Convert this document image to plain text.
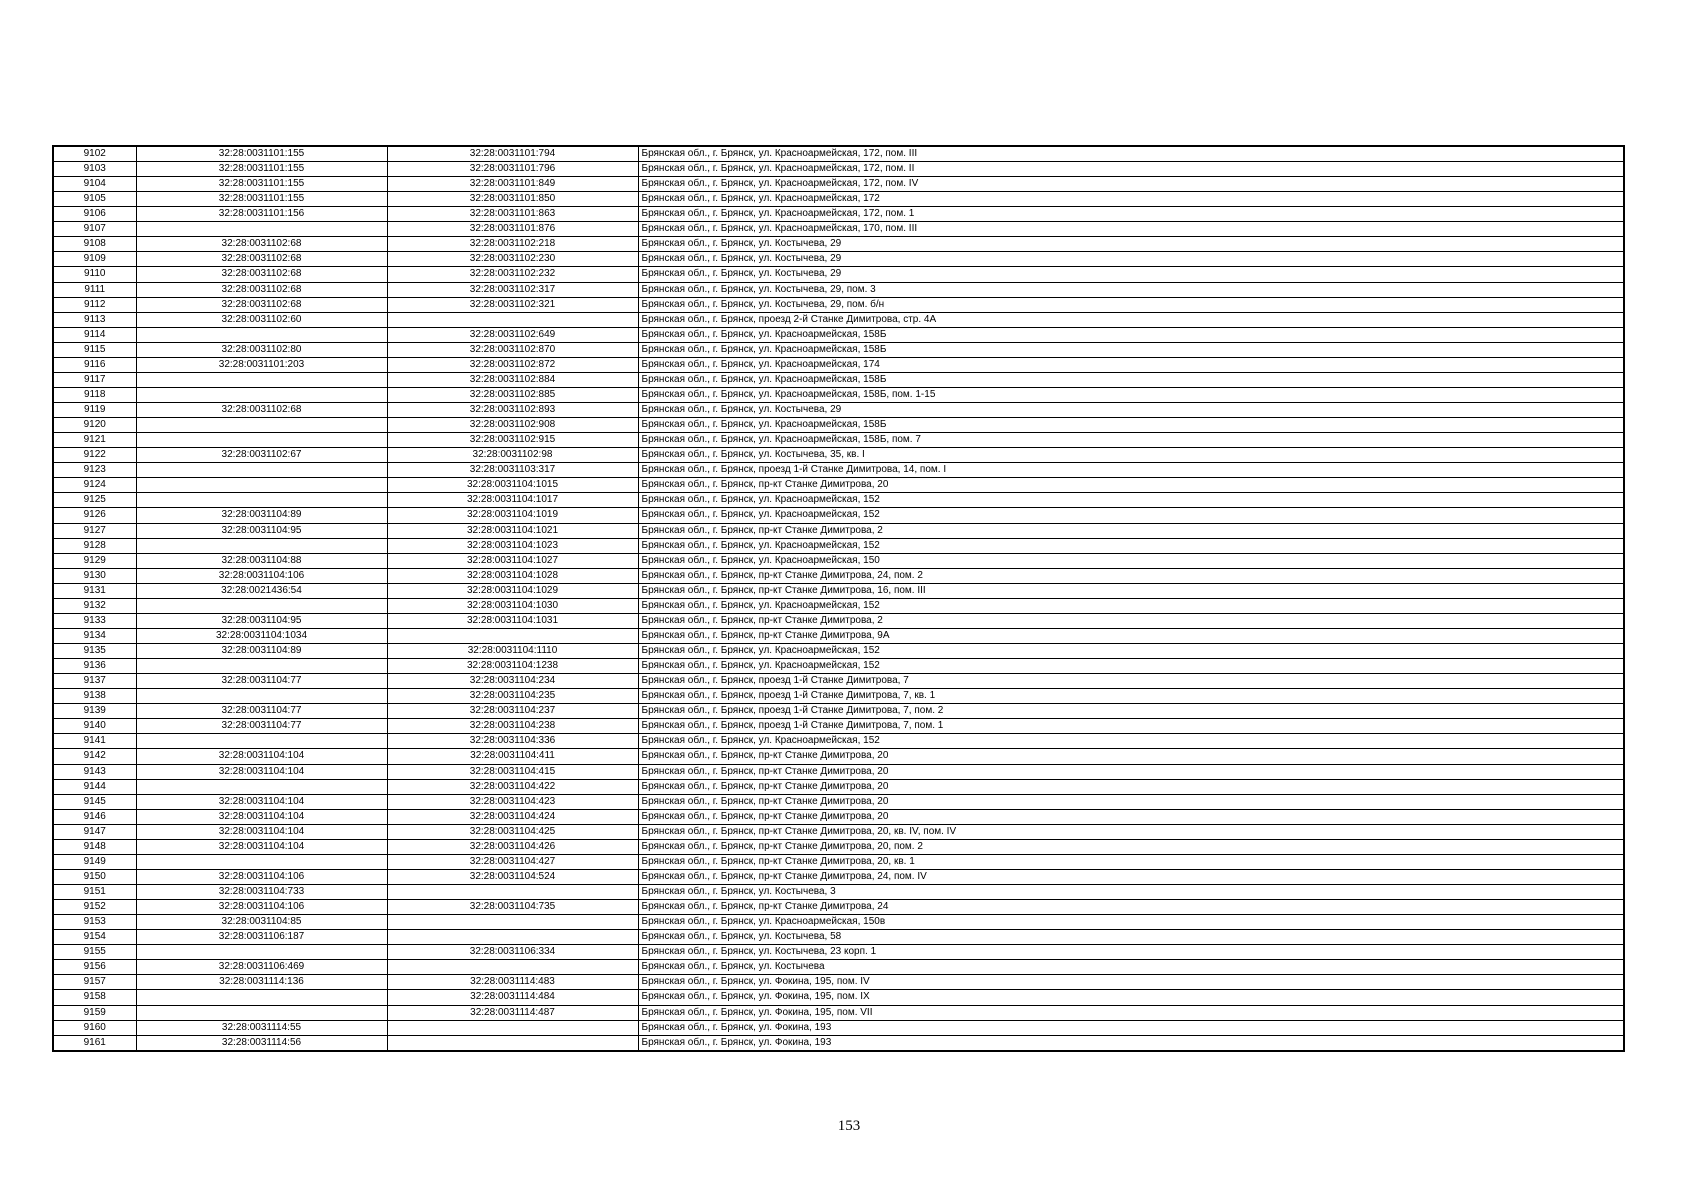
9102	32:28:0031101:155	32:28:0031101:794	Брянская обл., г. Брянск, ул. Красноармейская, 172, пом. III
9103	32:28:0031101:155	32:28:0031101:796	Брянская обл., г. Брянск, ул. Красноармейская, 172, пом. II
9104	32:28:0031101:155	32:28:0031101:849	Брянская обл., г. Брянск, ул. Красноармейская, 172, пом. IV
9105	32:28:0031101:155	32:28:0031101:850	Брянская обл., г. Брянск, ул. Красноармейская, 172
9106	32:28:0031101:156	32:28:0031101:863	Брянская обл., г. Брянск, ул. Красноармейская, 172, пом. 1
9107		32:28:0031101:876	Брянская обл., г. Брянск, ул. Красноармейская, 170, пом. III
9108	32:28:0031102:68	32:28:0031102:218	Брянская обл., г. Брянск, ул. Костычева, 29
9109	32:28:0031102:68	32:28:0031102:230	Брянская обл., г. Брянск, ул. Костычева, 29
9110	32:28:0031102:68	32:28:0031102:232	Брянская обл., г. Брянск, ул. Костычева, 29
9111	32:28:0031102:68	32:28:0031102:317	Брянская обл., г. Брянск, ул. Костычева, 29, пом. 3
9112	32:28:0031102:68	32:28:0031102:321	Брянская обл., г. Брянск, ул. Костычева, 29, пом. б/н
9113	32:28:0031102:60		Брянская обл., г. Брянск, проезд 2-й Станке Димитрова, стр. 4А
9114		32:28:0031102:649	Брянская обл., г. Брянск, ул. Красноармейская, 158Б
9115	32:28:0031102:80	32:28:0031102:870	Брянская обл., г. Брянск, ул. Красноармейская, 158Б
9116	32:28:0031101:203	32:28:0031102:872	Брянская обл., г. Брянск, ул. Красноармейская, 174
9117		32:28:0031102:884	Брянская обл., г. Брянск, ул. Красноармейская, 158Б
9118		32:28:0031102:885	Брянская обл., г. Брянск, ул. Красноармейская, 158Б, пом. 1-15
9119	32:28:0031102:68	32:28:0031102:893	Брянская обл., г. Брянск, ул. Костычева, 29
9120		32:28:0031102:908	Брянская обл., г. Брянск, ул. Красноармейская, 158Б
9121		32:28:0031102:915	Брянская обл., г. Брянск, ул. Красноармейская, 158Б, пом. 7
9122	32:28:0031102:67	32:28:0031102:98	Брянская обл., г. Брянск, ул. Костычева, 35, кв. I
9123		32:28:0031103:317	Брянская обл., г. Брянск, проезд 1-й Станке Димитрова, 14, пом. I
9124		32:28:0031104:1015	Брянская обл., г. Брянск, пр-кт Станке Димитрова, 20
9125		32:28:0031104:1017	Брянская обл., г. Брянск, ул. Красноармейская, 152
9126	32:28:0031104:89	32:28:0031104:1019	Брянская обл., г. Брянск, ул. Красноармейская, 152
9127	32:28:0031104:95	32:28:0031104:1021	Брянская обл., г. Брянск, пр-кт Станке Димитрова, 2
9128		32:28:0031104:1023	Брянская обл., г. Брянск, ул. Красноармейская, 152
9129	32:28:0031104:88	32:28:0031104:1027	Брянская обл., г. Брянск, ул. Красноармейская, 150
9130	32:28:0031104:106	32:28:0031104:1028	Брянская обл., г. Брянск, пр-кт Станке Димитрова, 24, пом. 2
9131	32:28:0021436:54	32:28:0031104:1029	Брянская обл., г. Брянск, пр-кт Станке Димитрова, 16, пом. III
9132		32:28:0031104:1030	Брянская обл., г. Брянск, ул. Красноармейская, 152
9133	32:28:0031104:95	32:28:0031104:1031	Брянская обл., г. Брянск, пр-кт Станке Димитрова, 2
9134	32:28:0031104:1034		Брянская обл., г. Брянск, пр-кт Станке Димитрова, 9А
9135	32:28:0031104:89	32:28:0031104:1110	Брянская обл., г. Брянск, ул. Красноармейская, 152
9136		32:28:0031104:1238	Брянская обл., г. Брянск, ул. Красноармейская, 152
9137	32:28:0031104:77	32:28:0031104:234	Брянская обл., г. Брянск, проезд 1-й Станке Димитрова, 7
9138		32:28:0031104:235	Брянская обл., г. Брянск, проезд 1-й Станке Димитрова, 7, кв. 1
9139	32:28:0031104:77	32:28:0031104:237	Брянская обл., г. Брянск, проезд 1-й Станке Димитрова, 7, пом. 2
9140	32:28:0031104:77	32:28:0031104:238	Брянская обл., г. Брянск, проезд 1-й Станке Димитрова, 7, пом. 1
9141		32:28:0031104:336	Брянская обл., г. Брянск, ул. Красноармейская, 152
9142	32:28:0031104:104	32:28:0031104:411	Брянская обл., г. Брянск, пр-кт Станке Димитрова, 20
9143	32:28:0031104:104	32:28:0031104:415	Брянская обл., г. Брянск, пр-кт Станке Димитрова, 20
9144		32:28:0031104:422	Брянская обл., г. Брянск, пр-кт Станке Димитрова, 20
9145	32:28:0031104:104	32:28:0031104:423	Брянская обл., г. Брянск, пр-кт Станке Димитрова, 20
9146	32:28:0031104:104	32:28:0031104:424	Брянская обл., г. Брянск, пр-кт Станке Димитрова, 20
9147	32:28:0031104:104	32:28:0031104:425	Брянская обл., г. Брянск, пр-кт Станке Димитрова, 20, кв. IV, пом. IV
9148	32:28:0031104:104	32:28:0031104:426	Брянская обл., г. Брянск, пр-кт Станке Димитрова, 20, пом. 2
9149		32:28:0031104:427	Брянская обл., г. Брянск, пр-кт Станке Димитрова, 20, кв. 1
9150	32:28:0031104:106	32:28:0031104:524	Брянская обл., г. Брянск, пр-кт Станке Димитрова, 24, пом. IV
9151	32:28:0031104:733		Брянская обл., г. Брянск, ул. Костычева, 3
9152	32:28:0031104:106	32:28:0031104:735	Брянская обл., г. Брянск, пр-кт Станке Димитрова, 24
9153	32:28:0031104:85		Брянская обл., г. Брянск, ул. Красноармейская, 150в
9154	32:28:0031106:187		Брянская обл., г. Брянск, ул. Костычева, 58
9155		32:28:0031106:334	Брянская обл., г. Брянск, ул. Костычева, 23 корп. 1
9156	32:28:0031106:469		Брянская обл., г. Брянск, ул. Костычева
9157	32:28:0031114:136	32:28:0031114:483	Брянская обл., г. Брянск, ул. Фокина, 195, пом. IV
9158		32:28:0031114:484	Брянская обл., г. Брянск, ул. Фокина, 195, пом. IX
9159		32:28:0031114:487	Брянская обл., г. Брянск, ул. Фокина, 195, пом. VII
9160	32:28:0031114:55		Брянская обл., г. Брянск, ул. Фокина, 193
9161	32:28:0031114:56		Брянская обл., г. Брянск, ул. Фокина, 193
153
